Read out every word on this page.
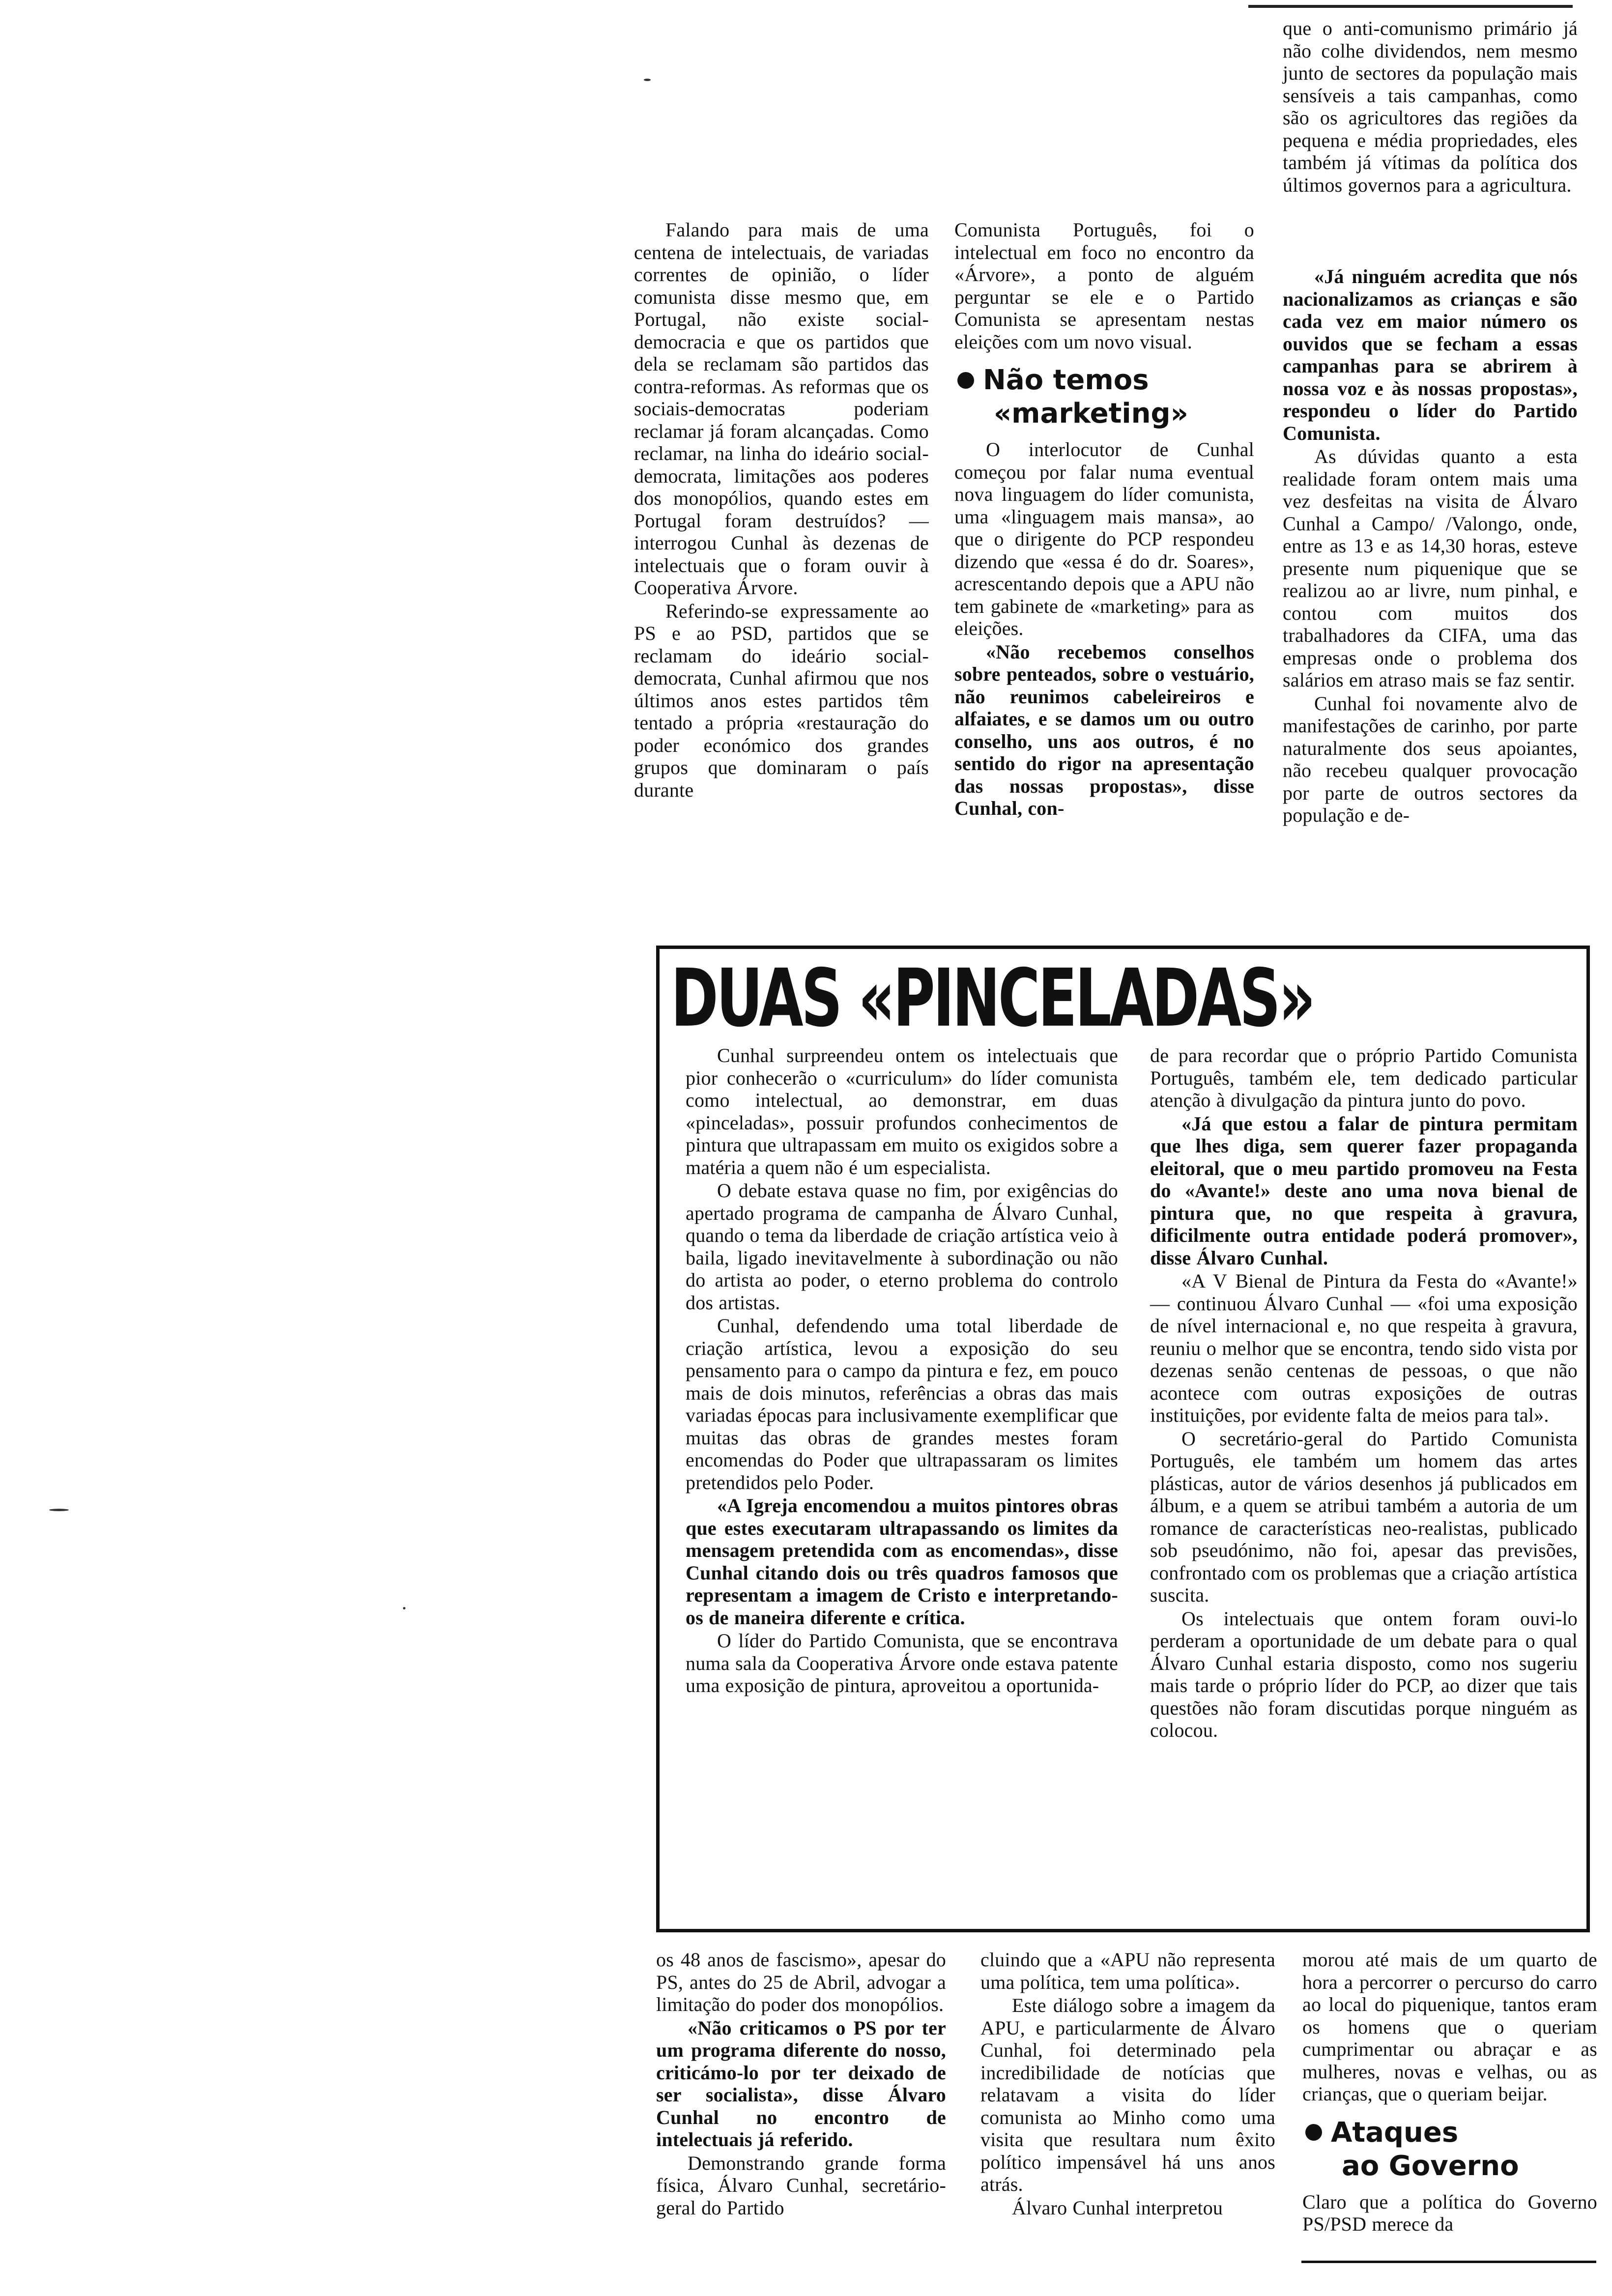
Falando para mais de uma centena de intelectuais, de variadas correntes de opinião, o líder comunista disse mesmo que, em Portugal, não existe social-democracia e que os partidos que dela se reclamam são partidos das contra-reformas. As reformas que os sociais-democratas poderiam reclamar já foram alcançadas. Como reclamar, na linha do ideário social-democrata, limitações aos poderes dos monopólios, quando estes em Portugal foram destruídos? — interrogou Cunhal às dezenas de intelectuais que o foram ouvir à Cooperativa Árvore.

Referindo-se expressamente ao PS e ao PSD, partidos que se reclamam do ideário social-democrata, Cunhal afirmou que nos últimos anos estes partidos têm tentado a própria «restauração do poder económico dos grandes grupos que dominaram o país durante

Comunista Português, foi o intelectual em foco no encontro da «Árvore», a ponto de alguém perguntar se ele e o Partido Comunista se apresentam nestas eleições com um novo visual.

Não temos
«marketing»

O interlocutor de Cunhal começou por falar numa eventual nova linguagem do líder comunista, uma «linguagem mais mansa», ao que o dirigente do PCP respondeu dizendo que «essa é do dr. Soares», acrescentando depois que a APU não tem gabinete de «marketing» para as eleições.

«Não recebemos conselhos sobre penteados, sobre o vestuário, não reunimos cabeleireiros e alfaiates, e se damos um ou outro conselho, uns aos outros, é no sentido do rigor na apresentação das nossas propostas», disse Cunhal, con-

que o anti-comunismo primário já não colhe dividendos, nem mesmo junto de sectores da população mais sensíveis a tais campanhas, como são os agricultores das regiões da pequena e média propriedades, eles também já vítimas da política dos últimos governos para a agricultura.

«Já ninguém acredita que nós nacionalizamos as crianças e são cada vez em maior número os ouvidos que se fecham a essas campanhas para se abrirem à nossa voz e às nossas propostas», respondeu o líder do Partido Comunista.

As dúvidas quanto a esta realidade foram ontem mais uma vez desfeitas na visita de Álvaro Cunhal a Campo/ /Valongo, onde, entre as 13 e as 14,30 horas, esteve presente num piquenique que se realizou ao ar livre, num pinhal, e contou com muitos dos trabalhadores da CIFA, uma das empresas onde o problema dos salários em atraso mais se faz sentir.

Cunhal foi novamente alvo de manifestações de carinho, por parte naturalmente dos seus apoiantes, não recebeu qualquer provocação por parte de outros sectores da população e de-

DUAS «PINCELADAS»

Cunhal surpreendeu ontem os intelectuais que pior conhecerão o «curriculum» do líder comunista como intelectual, ao demonstrar, em duas «pinceladas», possuir profundos conhecimentos de pintura que ultrapassam em muito os exigidos sobre a matéria a quem não é um especialista.

O debate estava quase no fim, por exigências do apertado programa de campanha de Álvaro Cunhal, quando o tema da liberdade de criação artística veio à baila, ligado inevitavelmente à subordinação ou não do artista ao poder, o eterno problema do controlo dos artistas.

Cunhal, defendendo uma total liberdade de criação artística, levou a exposição do seu pensamento para o campo da pintura e fez, em pouco mais de dois minutos, referências a obras das mais variadas épocas para inclusivamente exemplificar que muitas das obras de grandes mestes foram encomendas do Poder que ultrapassaram os limites pretendidos pelo Poder.

«A Igreja encomendou a muitos pintores obras que estes executaram ultrapassando os limites da mensagem pretendida com as encomendas», disse Cunhal citando dois ou três quadros famosos que representam a imagem de Cristo e interpretando-os de maneira diferente e crítica.

O líder do Partido Comunista, que se encontrava numa sala da Cooperativa Árvore onde estava patente uma exposição de pintura, aproveitou a oportunida-

de para recordar que o próprio Partido Comunista Português, também ele, tem dedicado particular atenção à divulgação da pintura junto do povo.

«Já que estou a falar de pintura permitam que lhes diga, sem querer fazer propaganda eleitoral, que o meu partido promoveu na Festa do «Avante!» deste ano uma nova bienal de pintura que, no que respeita à gravura, dificilmente outra entidade poderá promover», disse Álvaro Cunhal.

«A V Bienal de Pintura da Festa do «Avante!» — continuou Álvaro Cunhal — «foi uma exposição de nível internacional e, no que respeita à gravura, reuniu o melhor que se encontra, tendo sido vista por dezenas senão centenas de pessoas, o que não acontece com outras exposições de outras instituições, por evidente falta de meios para tal».

O secretário-geral do Partido Comunista Português, ele também um homem das artes plásticas, autor de vários desenhos já publicados em álbum, e a quem se atribui também a autoria de um romance de características neo-realistas, publicado sob pseudónimo, não foi, apesar das previsões, confrontado com os problemas que a criação artística suscita.

Os intelectuais que ontem foram ouvi-lo perderam a oportunidade de um debate para o qual Álvaro Cunhal estaria disposto, como nos sugeriu mais tarde o próprio líder do PCP, ao dizer que tais questões não foram discutidas porque ninguém as colocou.

os 48 anos de fascismo», apesar do PS, antes do 25 de Abril, advogar a limitação do poder dos monopólios.

«Não criticamos o PS por ter um programa diferente do nosso, criticámo-lo por ter deixado de ser socialista», disse Álvaro Cunhal no encontro de intelectuais já referido.

Demonstrando grande forma física, Álvaro Cunhal, secretário-geral do Partido

cluindo que a «APU não representa uma política, tem uma política».

Este diálogo sobre a imagem da APU, e particularmente de Álvaro Cunhal, foi determinado pela incredibilidade de notícias que relatavam a visita do líder comunista ao Minho como uma visita que resultara num êxito político impensável há uns anos atrás.

Álvaro Cunhal interpretou

morou até mais de um quarto de hora a percorrer o percurso do carro ao local do piquenique, tantos eram os homens que o queriam cumprimentar ou abraçar e as mulheres, novas e velhas, ou as crianças, que o queriam beijar.

Ataques
ao Governo

Claro que a política do Governo PS/PSD merece da
